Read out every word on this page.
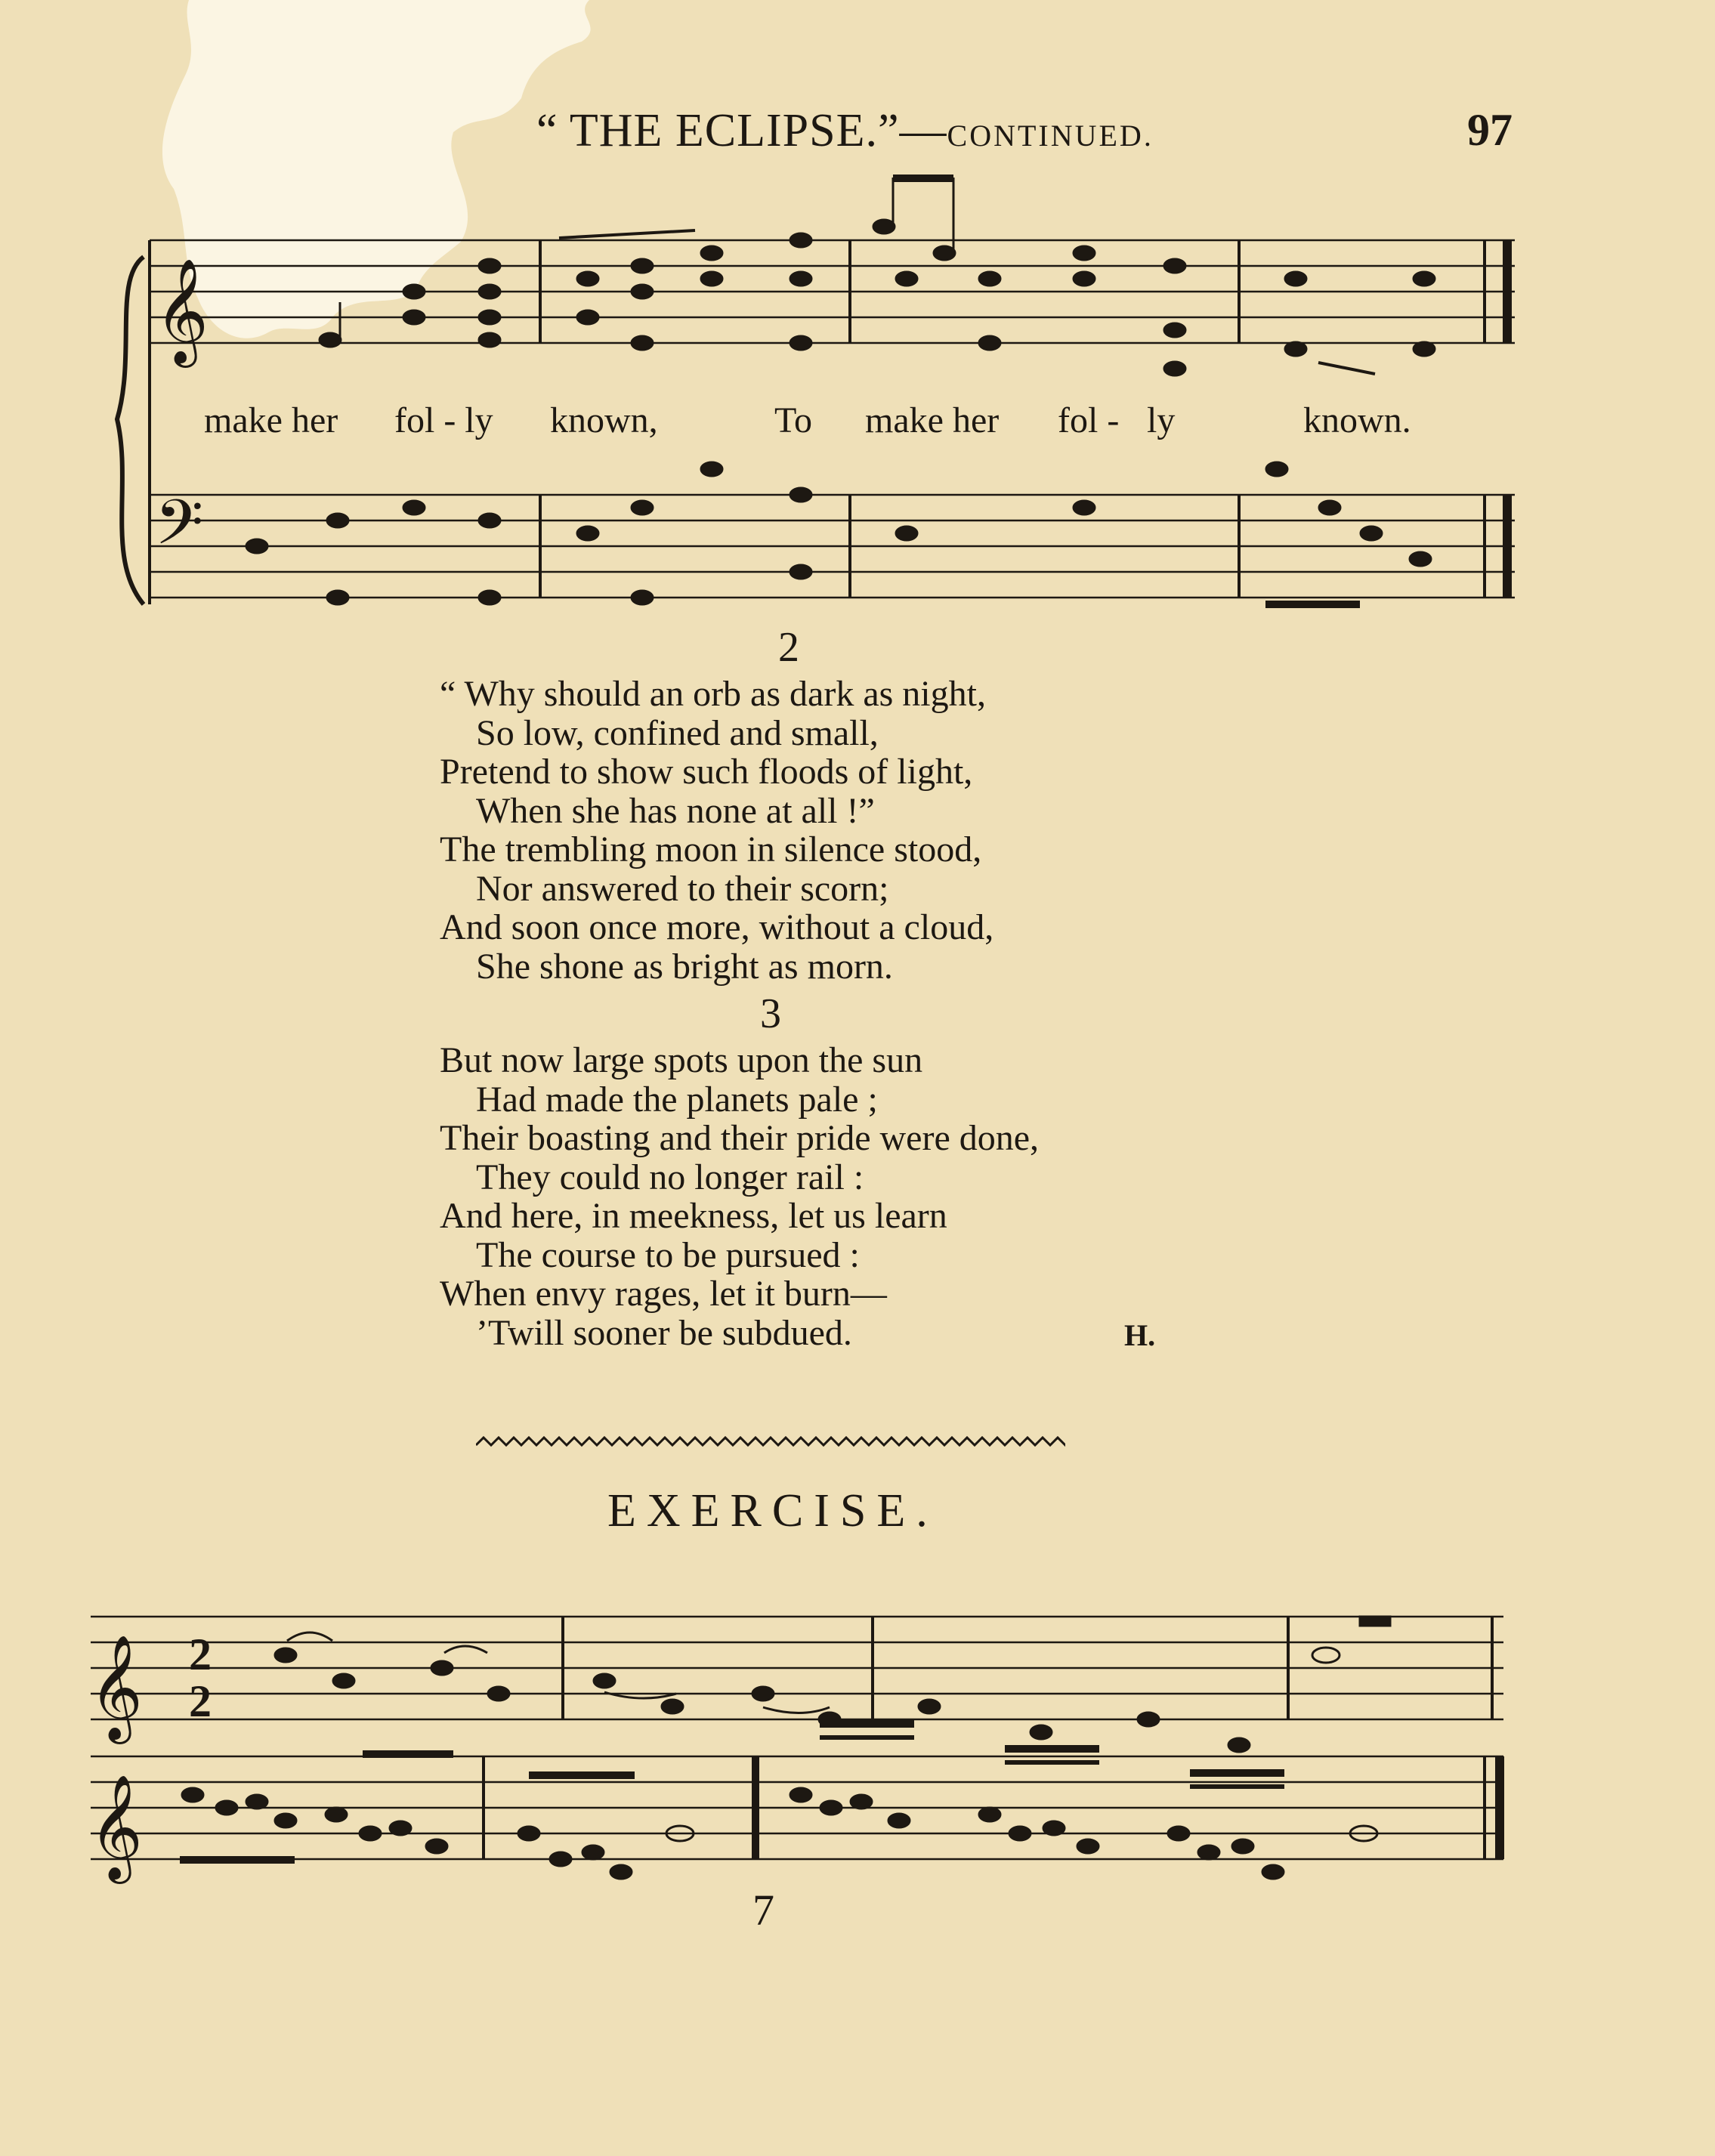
“ THE ECLIPSE.”—CONTINUED.	97
𝄞
make her fol - ly known,	To make her fol - ly	known.
𝄢
2
“ Why should an orb as dark as night,
So low, confined and small,
Pretend to show such floods of light,
When she has none at all !”
The trembling moon in silence stood,
Nor answered to their scorn;
And soon once more, without a cloud,
She shone as bright as morn.
3
But now large spots upon the sun
Had made the planets pale ;
Their boasting and their pride were done,
They could no longer rail :
And here, in meekness, let us learn
The course to be pursued :
When envy rages, let it burn—
’Twill sooner be subdued.	H.
EXERCISE.
𝄞 2
2
𝄞
7
